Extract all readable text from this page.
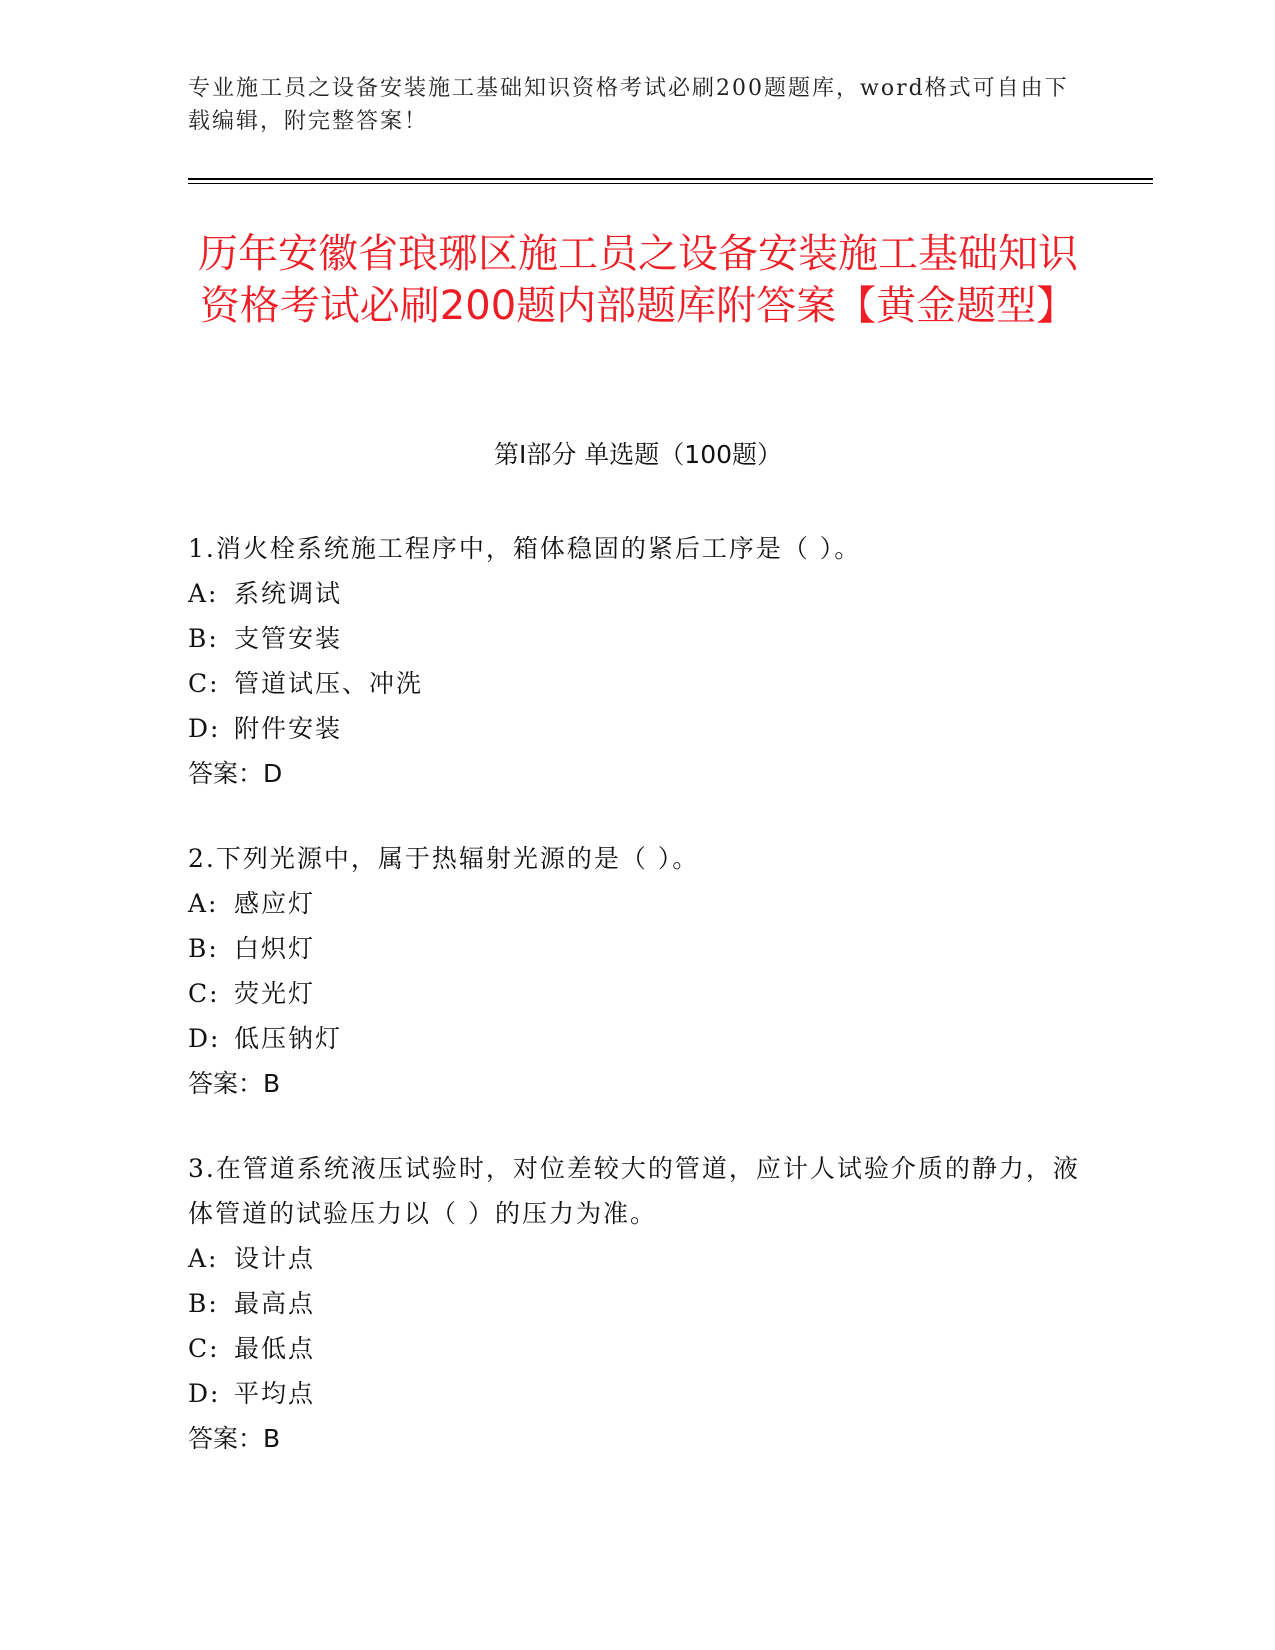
专业施工员之设备安装施工基础知识资格考试必刷200题题库，word格式可自由下载编辑，附完整答案！
历年安徽省琅琊区施工员之设备安装施工基础知识资格考试必刷200题内部题库附答案【黄金题型】
第I部分 单选题（100题）

1.消火栓系统施工程序中，箱体稳固的紧后工序是（ ）。

A: 系统调试

B: 支管安装

C: 管道试压、冲洗

D: 附件安装

答案：D

2.下列光源中，属于热辐射光源的是（ ）。

A: 感应灯

B: 白炽灯

C: 荧光灯

D: 低压钠灯

答案：B

3.在管道系统液压试验时，对位差较大的管道，应计人试验介质的静力，液体管道的试验压力以（ ）的压力为准。

A: 设计点

B: 最高点

C: 最低点

D: 平均点

答案：B
